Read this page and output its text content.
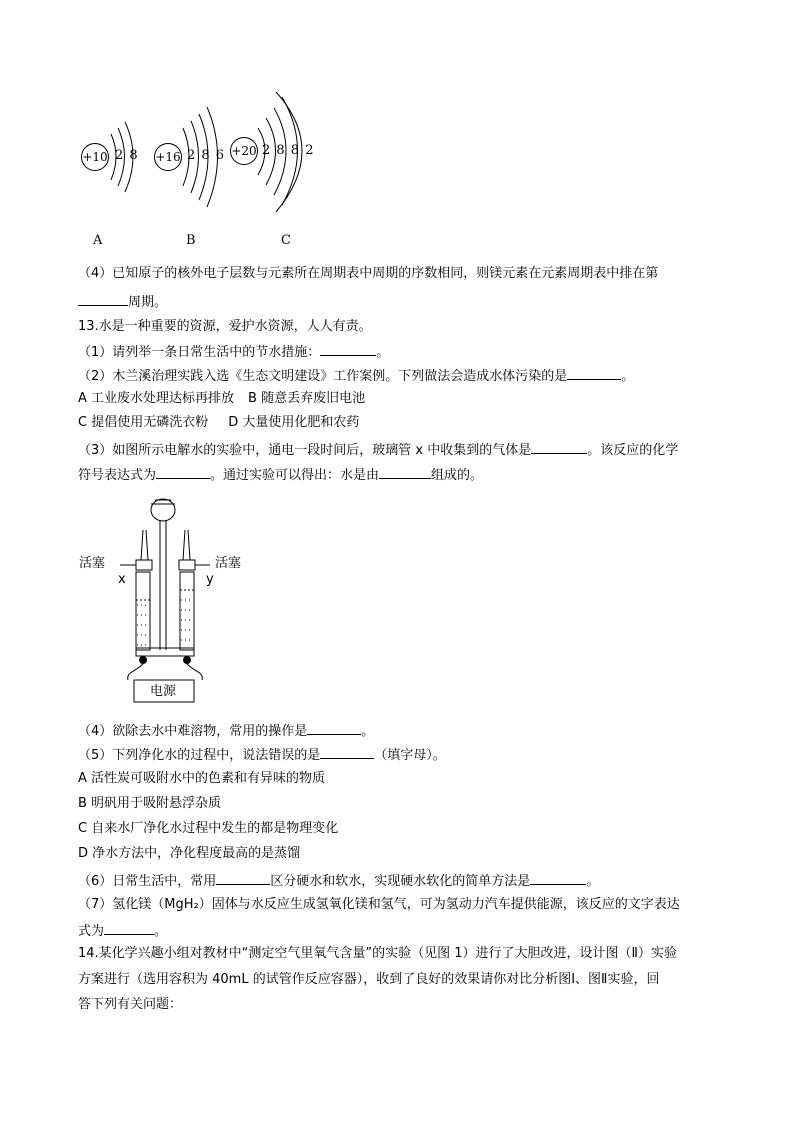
+10 2 8
A
+16 2 8 6
B
+20 2 8 8 2
C
（4）已知原子的核外电子层数与元素所在周期表中周期的序数相同，则镁元素在元素周期表中排在第
周期。
13.水是一种重要的资源，爱护水资源，人人有责。
（1）请列举一条日常生活中的节水措施：	。
（2）木兰溪治理实践入选《生态文明建设》工作案例。下列做法会造成水体污染的是	。
A 工业废水处理达标再排放 B 随意丢弃废旧电池
C 提倡使用无磷洗衣粉 D 大量使用化肥和农药
（3）如图所示电解水的实验中，通电一段时间后，玻璃管 x 中收集到的气体是	。该反应的化学
符号表达式为	。通过实验可以得出：水是由	组成的。
活塞	活塞
x	y
电源
（4）欲除去水中难溶物，常用的操作是	。
（5）下列净化水的过程中，说法错误的是	（填字母）。
A 活性炭可吸附水中的色素和有异味的物质
B 明矾用于吸附悬浮杂质
C 自来水厂净化水过程中发生的都是物理变化
D 净水方法中，净化程度最高的是蒸馏
（6）日常生活中，常用	区分硬水和软水，实现硬水软化的简单方法是	。
（7）氢化镁（MgH₂）固体与水反应生成氢氧化镁和氢气，可为氢动力汽车提供能源，该反应的文字表达
式为	。
14.某化学兴趣小组对教材中“测定空气里氧气含量”的实验（见图 1）进行了大胆改进，设计图（Ⅱ）实验
方案进行（选用容积为 40mL 的试管作反应容器），收到了良好的效果请你对比分析图Ⅰ、图Ⅱ实验，回
答下列有关问题：
